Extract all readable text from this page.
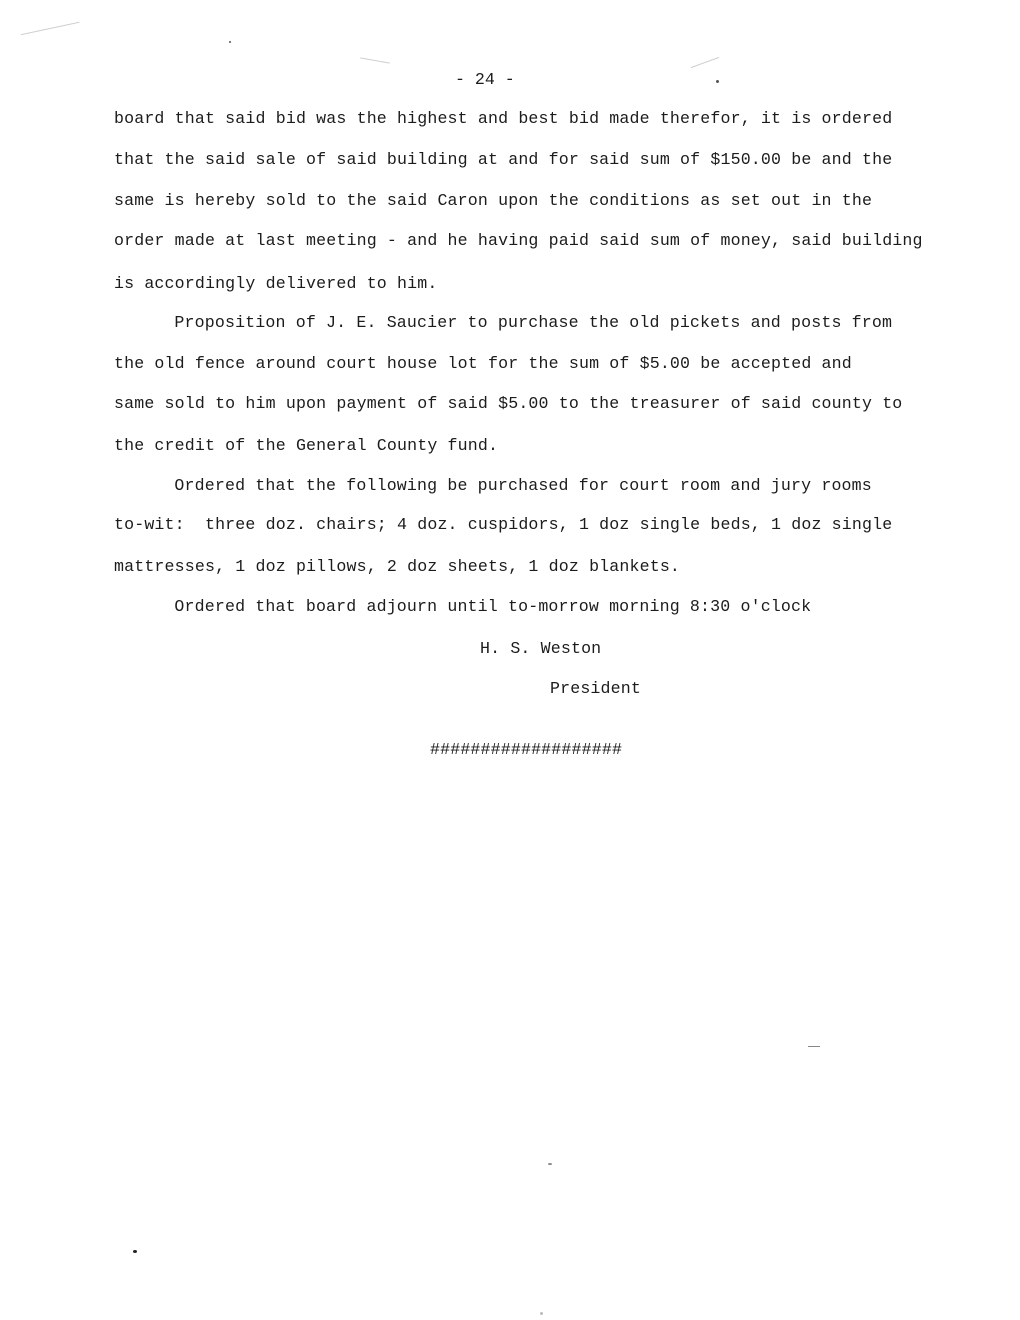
- 24 -
board that said bid was the highest and best bid made therefor, it is ordered
that the said sale of said building at and for said sum of $150.00 be and the
same is hereby sold to the said Caron upon the conditions as set out in the
order made at last meeting - and he having paid said sum of money, said building
is accordingly delivered to him.
Proposition of J. E. Saucier to purchase the old pickets and posts from
the old fence around court house lot for the sum of $5.00 be accepted and
same sold to him upon payment of said $5.00 to the treasurer of said county to
the credit of the General County fund.
Ordered that the following be purchased for court room and jury rooms
to-wit:  three doz. chairs; 4 doz. cuspidors, 1 doz single beds, 1 doz single
mattresses, 1 doz pillows, 2 doz sheets, 1 doz blankets.
Ordered that board adjourn until to-morrow morning 8:30 o'clock
H. S. Weston
President
###################
